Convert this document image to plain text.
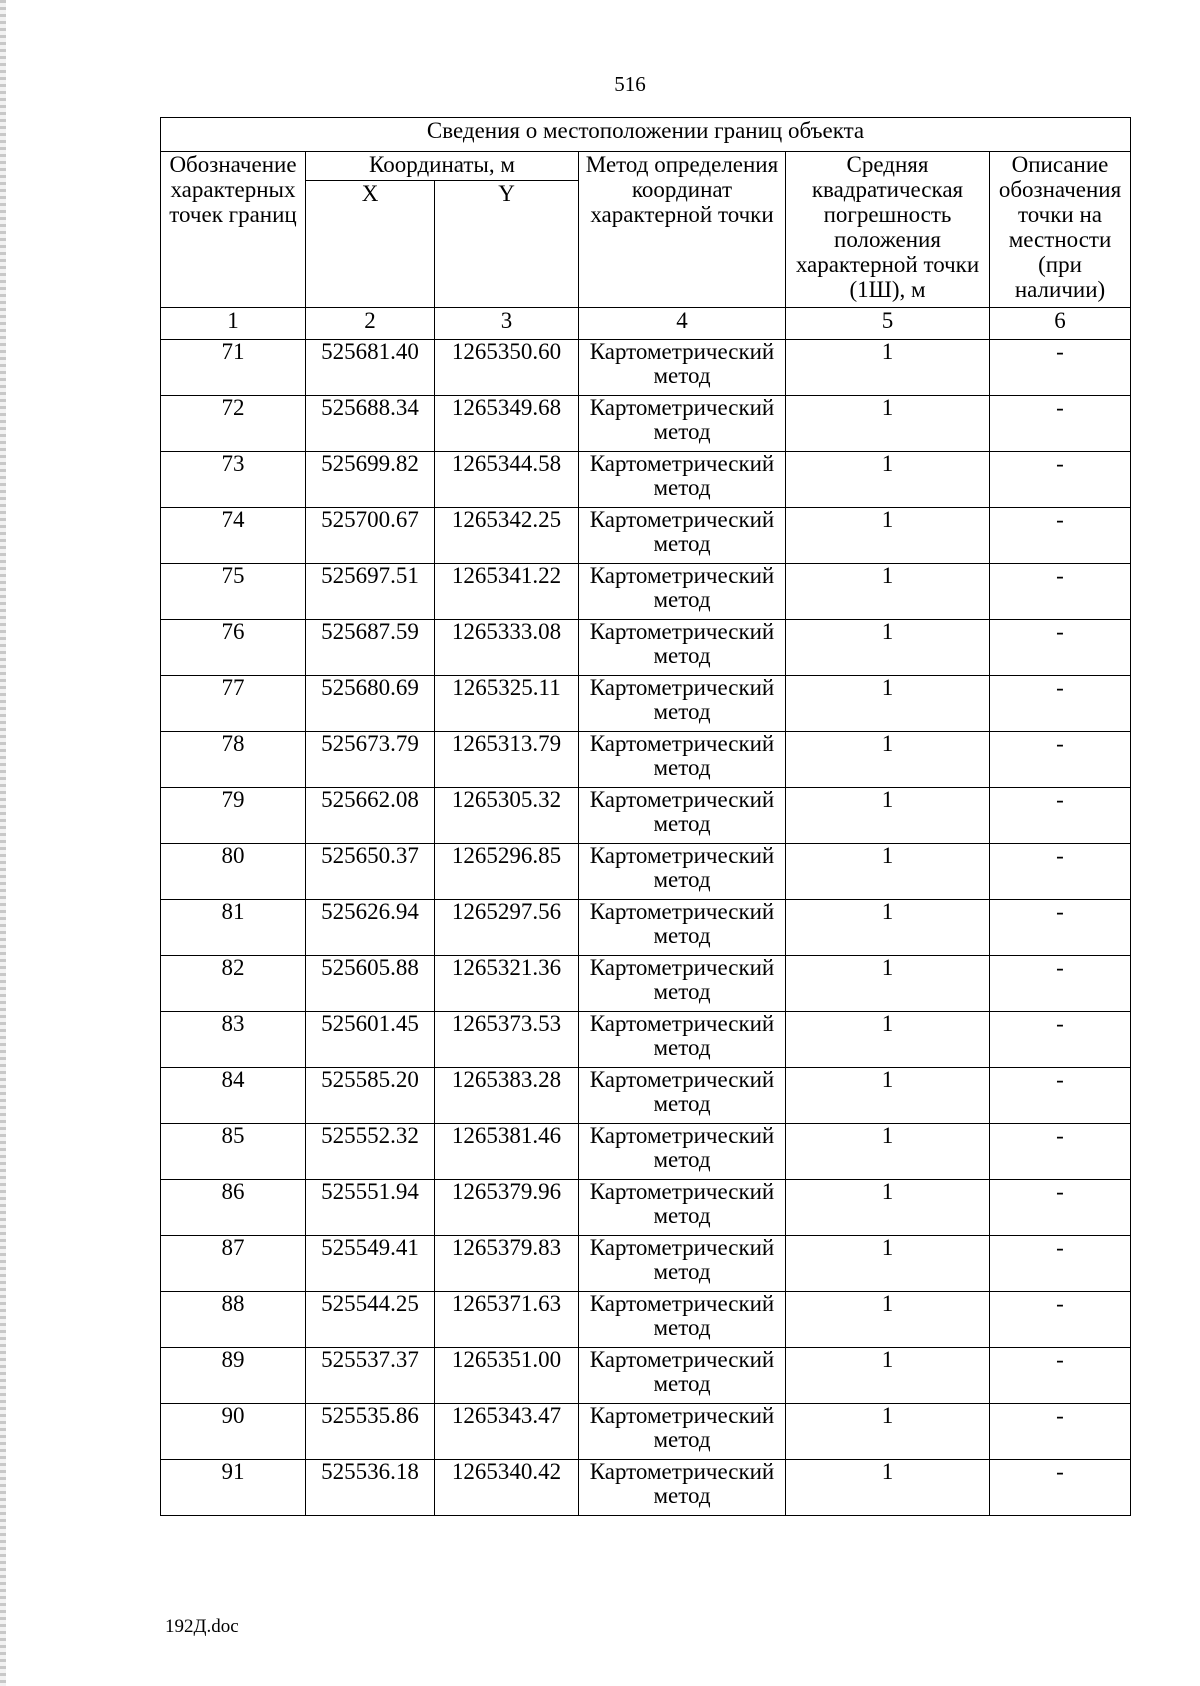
516
Сведения о местоположении границ объекта					
Обозначение характерных точек границ	Координаты, м		Метод определения координат характерной точки	Средняя квадратическая погрешность положения характерной точки (1Ш), м	Описание обозначения точки на местности (при наличии)
	X	Y			
1	2	3	4	5	6
71	525681.40	1265350.60	Картометрический метод	1	-
72	525688.34	1265349.68	Картометрический метод	1	-
73	525699.82	1265344.58	Картометрический метод	1	-
74	525700.67	1265342.25	Картометрический метод	1	-
75	525697.51	1265341.22	Картометрический метод	1	-
76	525687.59	1265333.08	Картометрический метод	1	-
77	525680.69	1265325.11	Картометрический метод	1	-
78	525673.79	1265313.79	Картометрический метод	1	-
79	525662.08	1265305.32	Картометрический метод	1	-
80	525650.37	1265296.85	Картометрический метод	1	-
81	525626.94	1265297.56	Картометрический метод	1	-
82	525605.88	1265321.36	Картометрический метод	1	-
83	525601.45	1265373.53	Картометрический метод	1	-
84	525585.20	1265383.28	Картометрический метод	1	-
85	525552.32	1265381.46	Картометрический метод	1	-
86	525551.94	1265379.96	Картометрический метод	1	-
87	525549.41	1265379.83	Картометрический метод	1	-
88	525544.25	1265371.63	Картометрический метод	1	-
89	525537.37	1265351.00	Картометрический метод	1	-
90	525535.86	1265343.47	Картометрический метод	1	-
91	525536.18	1265340.42	Картометрический метод	1	-
192Д.doc
